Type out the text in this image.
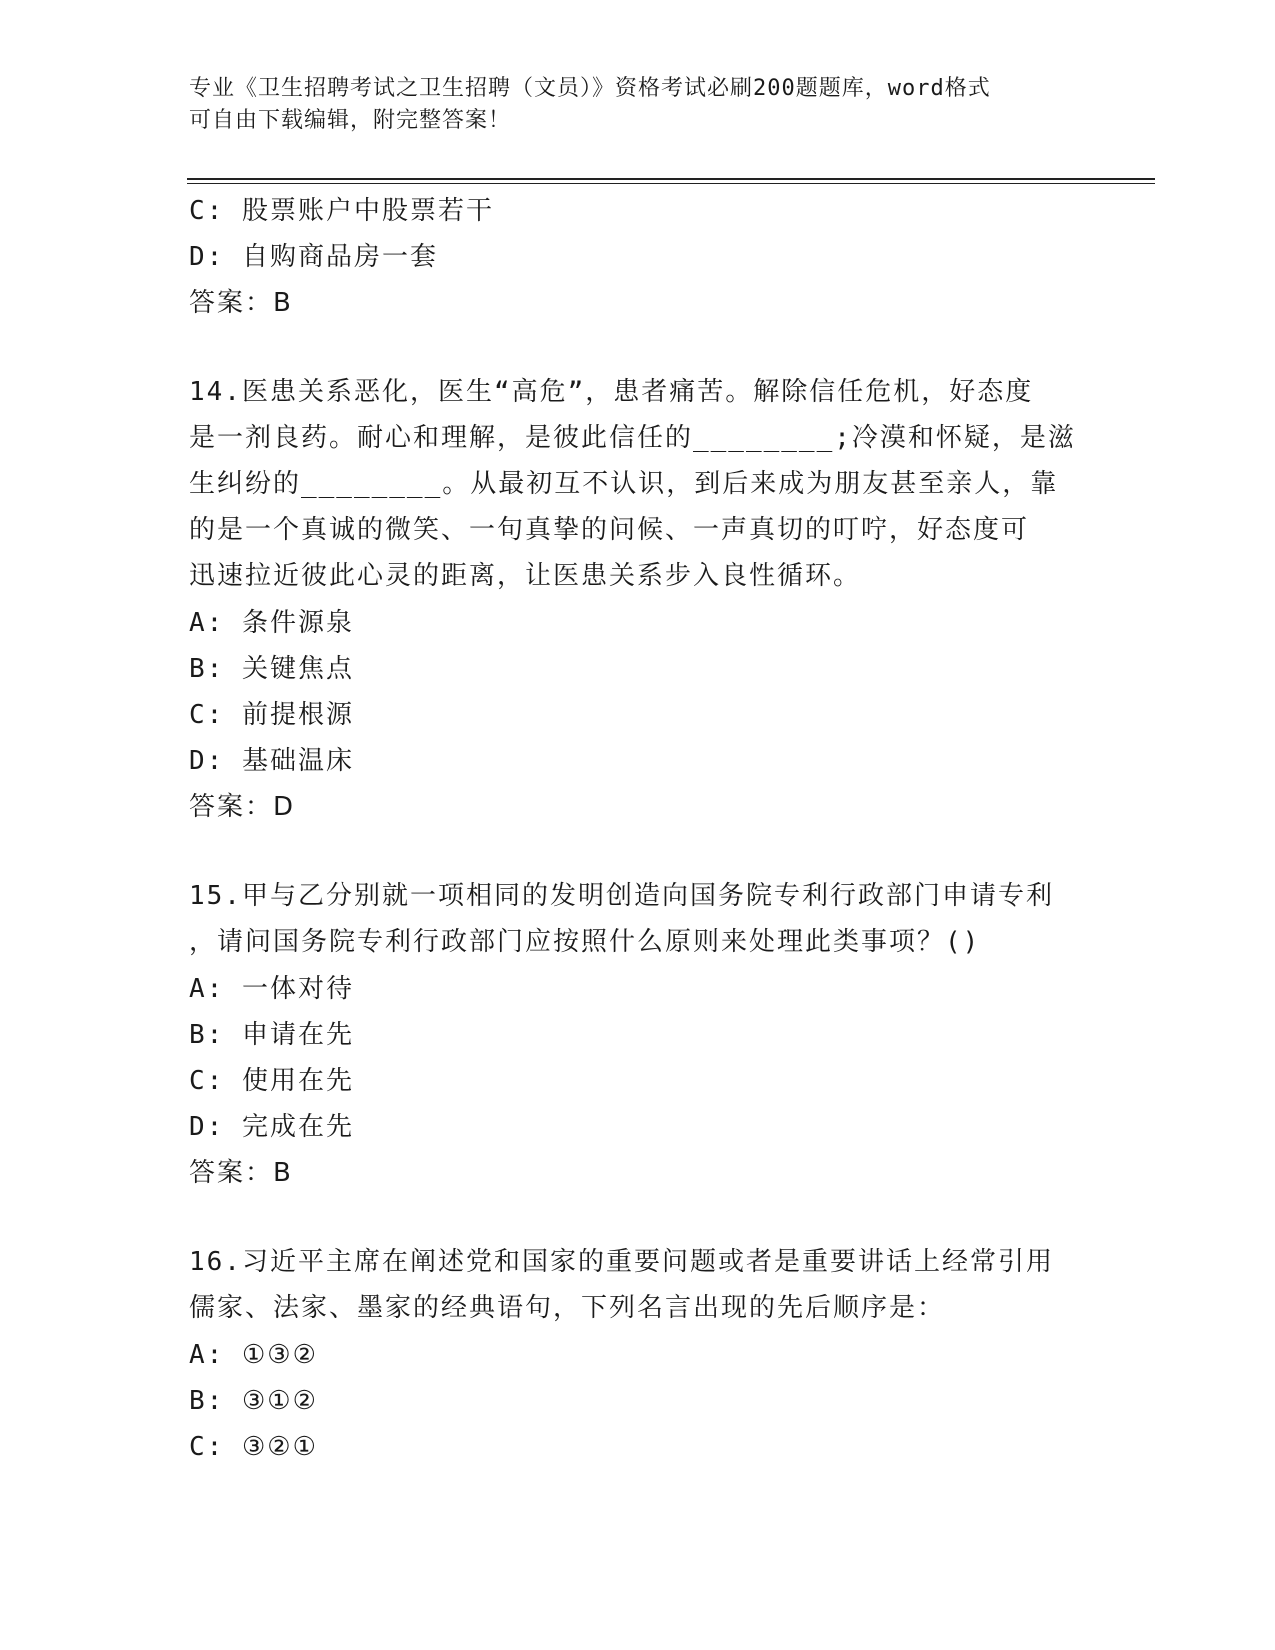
专业《卫生招聘考试之卫生招聘（文员）》资格考试必刷200题题库，word格式
可自由下载编辑，附完整答案！
C: 股票账户中股票若干
D: 自购商品房一套
答案：B
14.医患关系恶化，医生“高危”，患者痛苦。解除信任危机，好态度
是一剂良药。耐心和理解，是彼此信任的________;冷漠和怀疑，是滋
生纠纷的________。从最初互不认识，到后来成为朋友甚至亲人，靠
的是一个真诚的微笑、一句真挚的问候、一声真切的叮咛，好态度可
迅速拉近彼此心灵的距离，让医患关系步入良性循环。
A: 条件源泉
B: 关键焦点
C: 前提根源
D: 基础温床
答案：D
15.甲与乙分别就一项相同的发明创造向国务院专利行政部门申请专利
，请问国务院专利行政部门应按照什么原则来处理此类事项？()
A: 一体对待
B: 申请在先
C: 使用在先
D: 完成在先
答案：B
16.习近平主席在阐述党和国家的重要问题或者是重要讲话上经常引用
儒家、法家、墨家的经典语句，下列名言出现的先后顺序是：
A: ①③②
B: ③①②
C: ③②①
